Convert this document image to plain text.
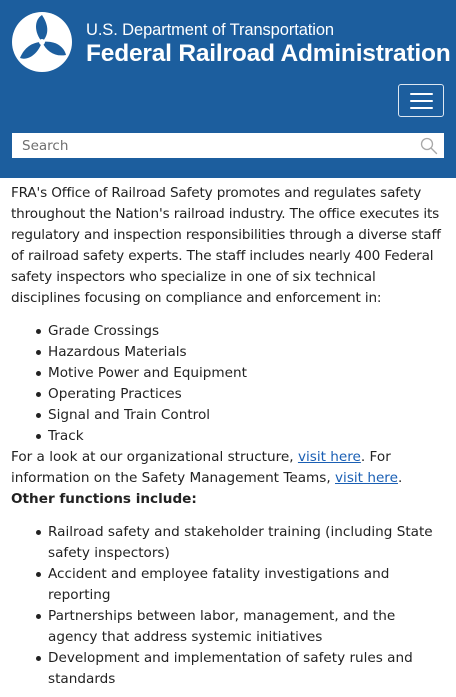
U.S. Department of Transportation
Federal Railroad Administration
Search

FRA's Office of Railroad Safety promotes and regulates safety throughout the Nation's railroad industry. The office executes its regulatory and inspection responsibilities through a diverse staff of railroad safety experts. The staff includes nearly 400 Federal safety inspectors who specialize in one of six technical disciplines focusing on compliance and enforcement in:

Grade Crossings
Hazardous Materials
Motive Power and Equipment
Operating Practices
Signal and Train Control
Track

For a look at our organizational structure, visit here. For information on the Safety Management Teams, visit here.

Other functions include:

Railroad safety and stakeholder training (including State safety inspectors)
Accident and employee fatality investigations and reporting
Partnerships between labor, management, and the agency that address systemic initiatives
Development and implementation of safety rules and standards
